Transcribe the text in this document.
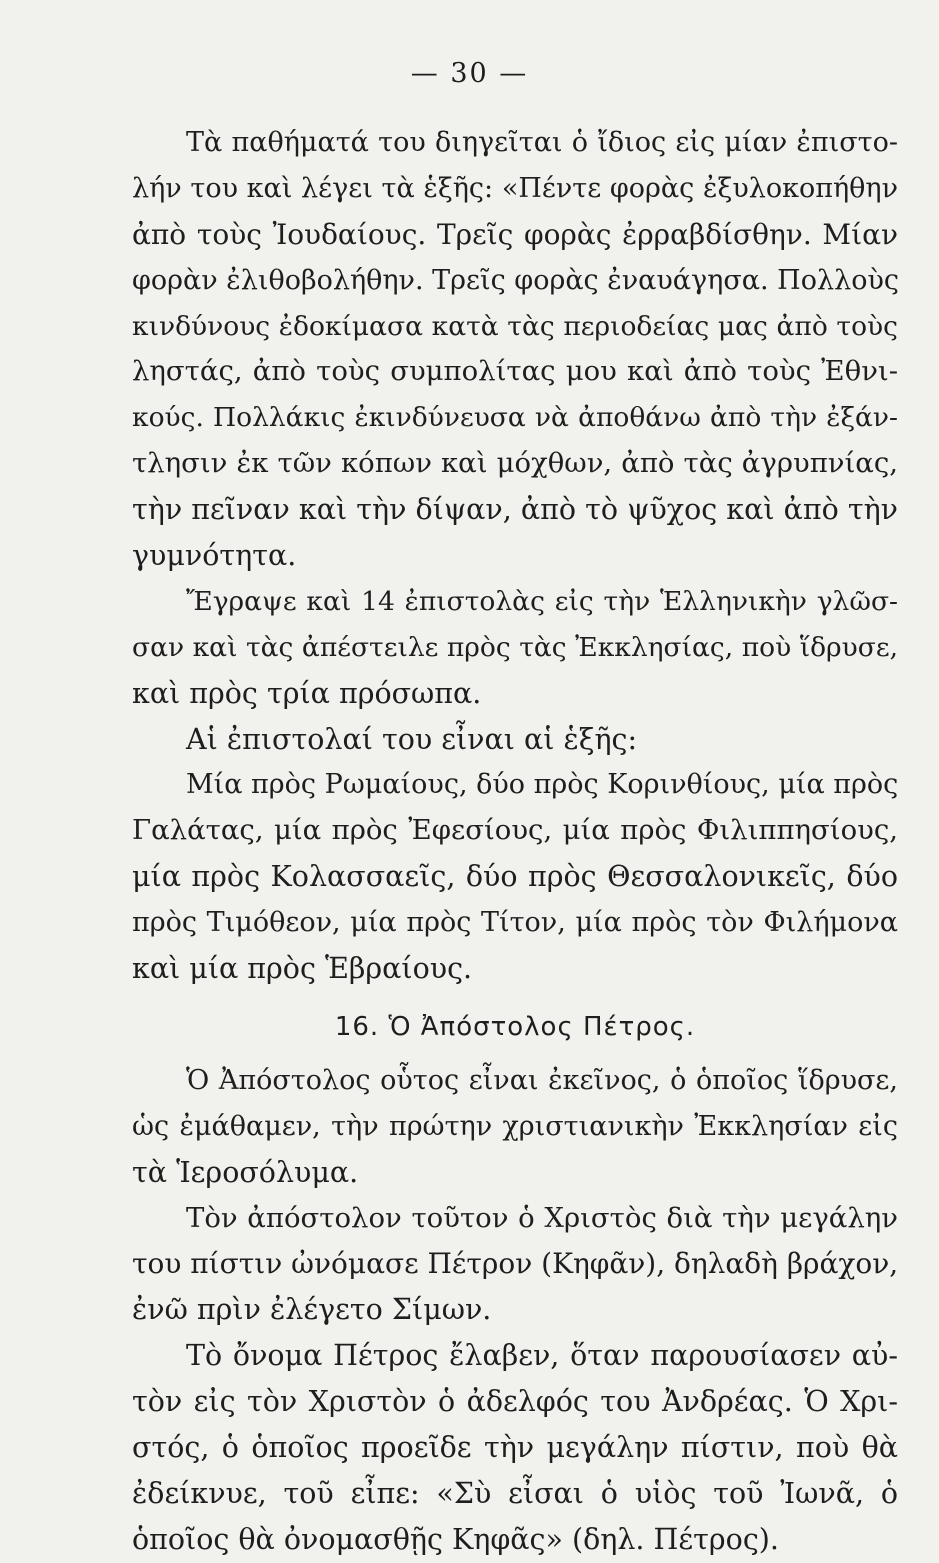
— 30 —
Τὰ παθήματά του διηγεῖται ὁ ἴδιος εἰς μίαν ἐπιστο-
λήν του καὶ λέγει τὰ ἑξῆς: «Πέντε φορὰς ἐξυλοκοπήθην
ἀπὸ τοὺς Ἰουδαίους. Τρεῖς φορὰς ἐρραβδίσθην. Μίαν
φορὰν ἐλιθοβολήθην. Τρεῖς φορὰς ἐναυάγησα. Πολλοὺς
κινδύνους ἐδοκίμασα κατὰ τὰς περιοδείας μας ἀπὸ τοὺς
ληστάς, ἀπὸ τοὺς συμπολίτας μου καὶ ἀπὸ τοὺς Ἐθνι-
κούς. Πολλάκις ἐκινδύνευσα νὰ ἀποθάνω ἀπὸ τὴν ἐξάν-
τλησιν ἐκ τῶν κόπων καὶ μόχθων, ἀπὸ τὰς ἀγρυπνίας,
τὴν πεῖναν καὶ τὴν δίψαν, ἀπὸ τὸ ψῦχος καὶ ἀπὸ τὴν
γυμνότητα.
Ἔγραψε καὶ 14 ἐπιστολὰς εἰς τὴν Ἑλληνικὴν γλῶσ-
σαν καὶ τὰς ἀπέστειλε πρὸς τὰς Ἐκκλησίας, ποὺ ἵδρυσε,
καὶ πρὸς τρία πρόσωπα.
Αἱ ἐπιστολαί του εἶναι αἱ ἑξῆς:
Μία πρὸς Ρωμαίους, δύο πρὸς Κορινθίους, μία πρὸς
Γαλάτας, μία πρὸς Ἐφεσίους, μία πρὸς Φιλιππησίους,
μία πρὸς Κολασσαεῖς, δύο πρὸς Θεσσαλονικεῖς, δύο
πρὸς Τιμόθεον, μία πρὸς Τίτον, μία πρὸς τὸν Φιλήμονα
καὶ μία πρὸς Ἑβραίους.
16. Ὁ Ἀπόστολος Πέτρος.
Ὁ Ἀπόστολος οὗτος εἶναι ἐκεῖνος, ὁ ὁποῖος ἵδρυσε,
ὡς ἐμάθαμεν, τὴν πρώτην χριστιανικὴν Ἐκκλησίαν εἰς
τὰ Ἱεροσόλυμα.
Τὸν ἀπόστολον τοῦτον ὁ Χριστὸς διὰ τὴν μεγάλην
του πίστιν ὠνόμασε Πέτρον (Κηφᾶν), δηλαδὴ βράχον,
ἐνῶ πρὶν ἐλέγετο Σίμων.
Τὸ ὄνομα Πέτρος ἔλαβεν, ὅταν παρουσίασεν αὐ-
τὸν εἰς τὸν Χριστὸν ὁ ἀδελφός του Ἀνδρέας. Ὁ Χρι-
στός, ὁ ὁποῖος προεῖδε τὴν μεγάλην πίστιν, ποὺ θὰ
ἐδείκνυε, τοῦ εἶπε: «Σὺ εἶσαι ὁ υἱὸς τοῦ Ἰωνᾶ, ὁ
ὁποῖος θὰ ὀνομασθῇς Κηφᾶς» (δηλ. Πέτρος).
